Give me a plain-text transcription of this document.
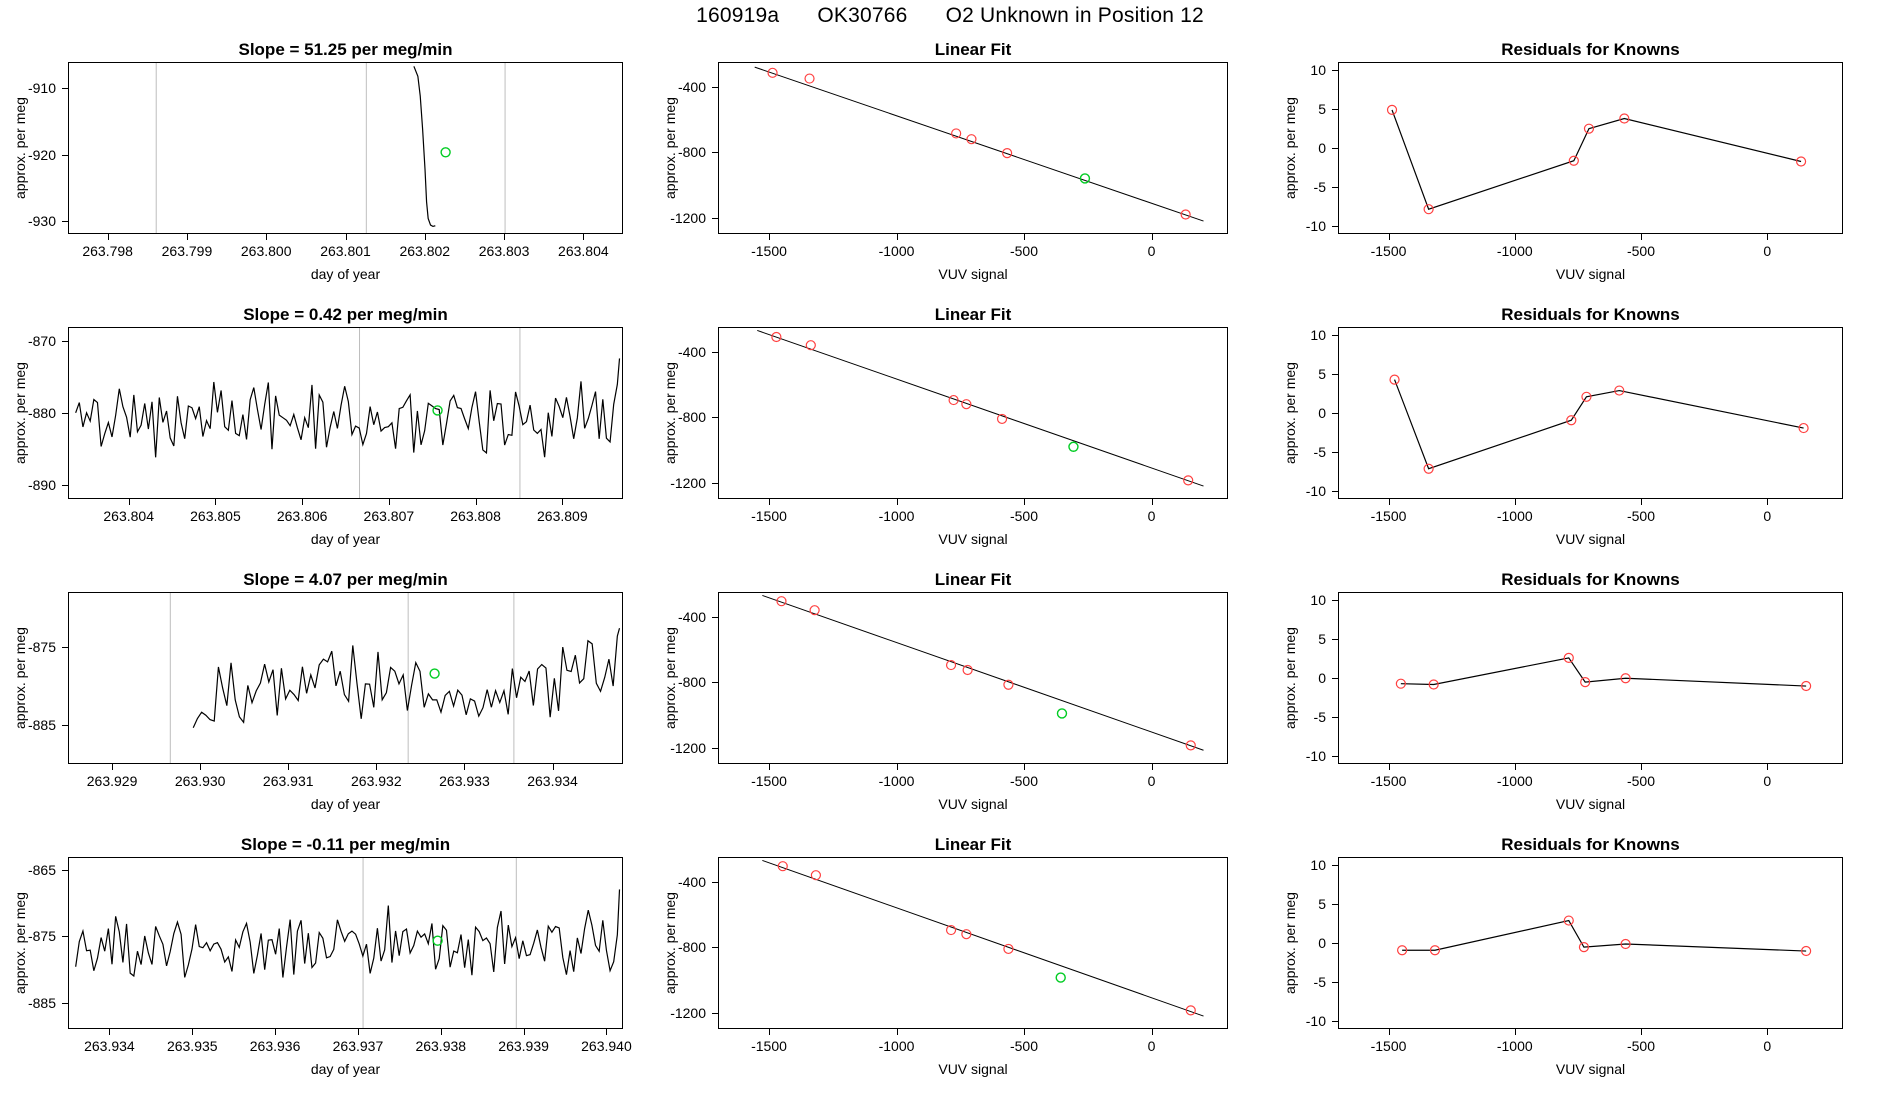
160919a OK30766 O2 Unknown in Position 12
Slope = 51.25 per meg/min
263.798 263.799 263.800 263.801 263.802 263.803 263.804
-910
-920
-930
day of year
approx. per meg
Linear Fit
-1500	-1000	-500	0
-400
-800
-1200
VUV signal
approx. per meg
Residuals for Knowns
-1500	-1000	-500	0
10
5
0
-5
-10
VUV signal
approx. per meg
Slope = 0.42 per meg/min
263.804	263.805	263.806	263.807	263.808	263.809
-870
-880
-890
day of year
approx. per meg
Linear Fit
-1500	-1000	-500	0
-400
-800
-1200
VUV signal
approx. per meg
Residuals for Knowns
-1500	-1000	-500	0
10
5
0
-5
-10
VUV signal
approx. per meg
Slope = 4.07 per meg/min
263.929	263.930	263.931	263.932	263.933	263.934
-875
-885
day of year
approx. per meg
Linear Fit
-1500	-1000	-500	0
-400
-800
-1200
VUV signal
approx. per meg
Residuals for Knowns
-1500	-1000	-500	0
10
5
0
-5
-10
VUV signal
approx. per meg
Slope = -0.11 per meg/min
263.934 263.935 263.936 263.937 263.938 263.939 263.940
-865
-875
-885
day of year
approx. per meg
Linear Fit
-1500	-1000	-500	0
-400
-800
-1200
VUV signal
approx. per meg
Residuals for Knowns
-1500	-1000	-500	0
10
5
0
-5
-10
VUV signal
approx. per meg
